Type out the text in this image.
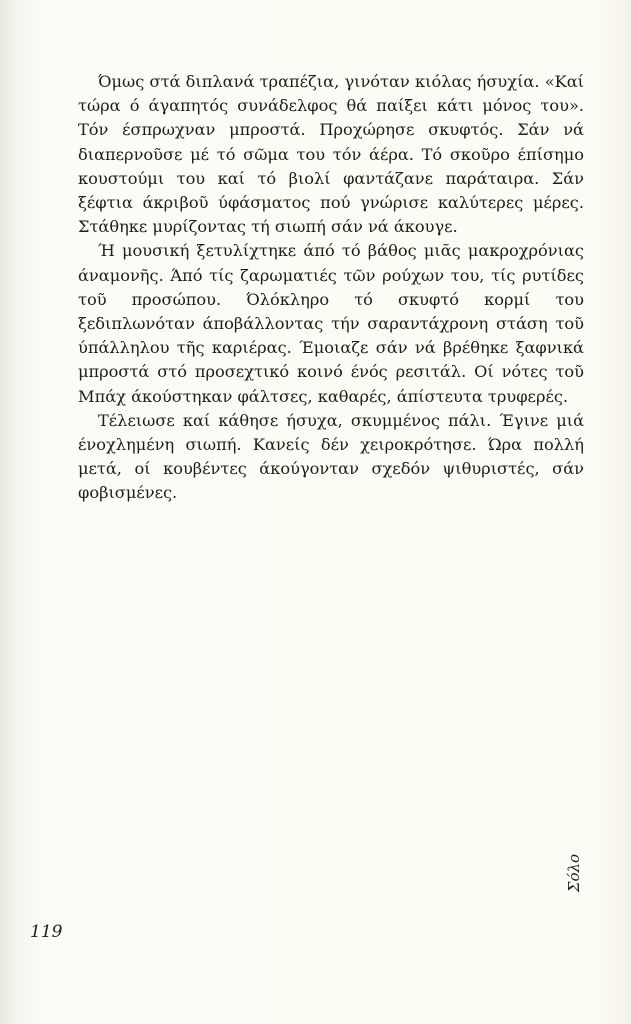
Όμως στά διπλανά τραπέζια, γινόταν κιόλας ήσυχία. «Καί τώρα ό άγαπητός συνάδελφος θά παίξει κάτι μόνος του». Τόν έσπρωχναν μπροστά. Προχώρησε σκυφτός. Σάν νά διαπερνοῦσε μέ τό σῶμα του τόν άέρα. Τό σκοῦρο έπίσημο κουστούμι του καί τό βιολί φαντάζανε παράταιρα. Σάν ξέφτια άκριβοῦ ύφάσματος πού γνώρισε καλύτερες μέρες. Στάθηκε μυρίζοντας τή σιωπή σάν νά άκουγε.

Ή μουσική ξετυλίχτηκε άπό τό βάθος μιᾶς μακροχρόνιας άναμονῆς. Άπό τίς ζαρωματιές τῶν ρούχων του, τίς ρυτίδες τοῦ προσώπου. Όλόκληρο τό σκυφτό κορμί του ξεδιπλωνόταν άποβάλλοντας τήν σαραντάχρονη στάση τοῦ ύπάλληλου τῆς καριέρας. Έμοιαζε σάν νά βρέθηκε ξαφνικά μπροστά στό προσεχτικό κοινό ένός ρεσιτάλ. Οί νότες τοῦ Μπάχ άκούστηκαν φάλτσες, καθαρές, άπίστευτα τρυφερές.

Τέλειωσε καί κάθησε ήσυχα, σκυμμένος πάλι. Έγινε μιά ένοχλημένη σιωπή. Κανείς δέν χειροκρότησε. Ώρα πολλή μετά, οί κουβέντες άκούγονταν σχεδόν ψιθυριστές, σάν φοβισμένες.

Σόλο
119
